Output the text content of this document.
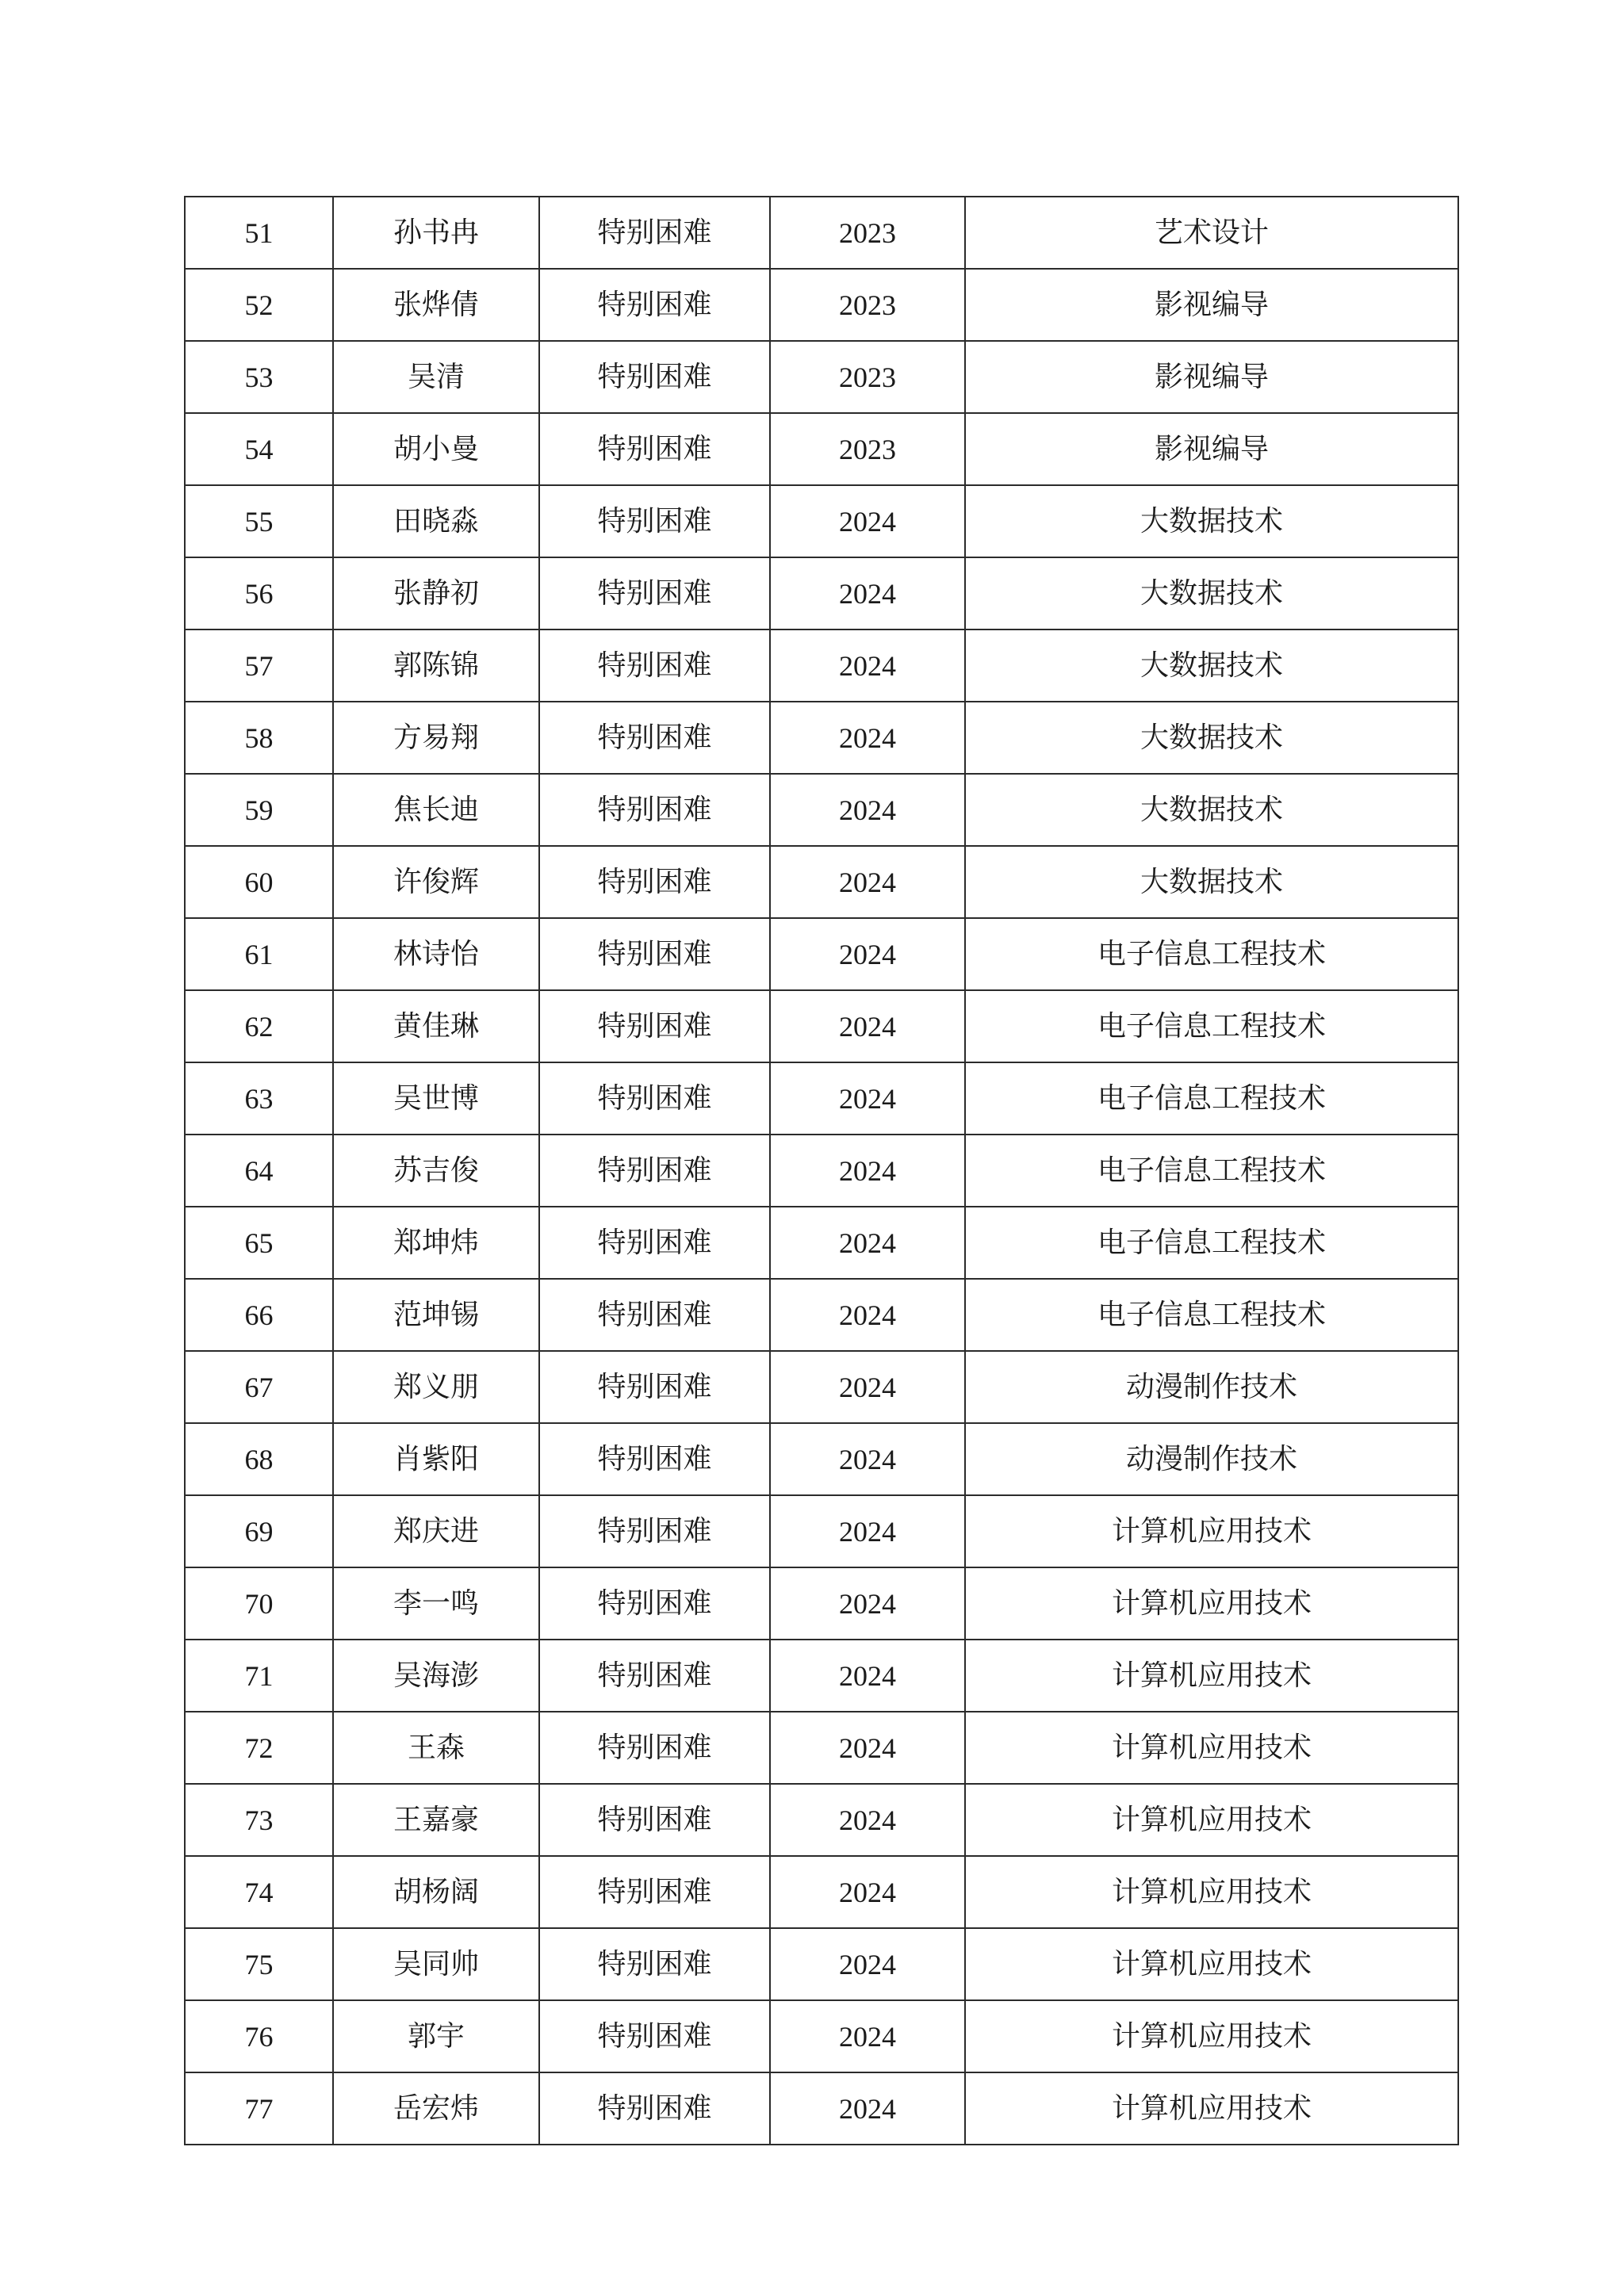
51	孙书冉	特别困难	2023	艺术设计
52	张烨倩	特别困难	2023	影视编导
53	吴清	特别困难	2023	影视编导
54	胡小曼	特别困难	2023	影视编导
55	田晓淼	特别困难	2024	大数据技术
56	张静初	特别困难	2024	大数据技术
57	郭陈锦	特别困难	2024	大数据技术
58	方易翔	特别困难	2024	大数据技术
59	焦长迪	特别困难	2024	大数据技术
60	许俊辉	特别困难	2024	大数据技术
61	林诗怡	特别困难	2024	电子信息工程技术
62	黄佳琳	特别困难	2024	电子信息工程技术
63	吴世博	特别困难	2024	电子信息工程技术
64	苏吉俊	特别困难	2024	电子信息工程技术
65	郑坤炜	特别困难	2024	电子信息工程技术
66	范坤锡	特别困难	2024	电子信息工程技术
67	郑义朋	特别困难	2024	动漫制作技术
68	肖紫阳	特别困难	2024	动漫制作技术
69	郑庆进	特别困难	2024	计算机应用技术
70	李一鸣	特别困难	2024	计算机应用技术
71	吴海澎	特别困难	2024	计算机应用技术
72	王森	特别困难	2024	计算机应用技术
73	王嘉豪	特别困难	2024	计算机应用技术
74	胡杨阔	特别困难	2024	计算机应用技术
75	吴同帅	特别困难	2024	计算机应用技术
76	郭宇	特别困难	2024	计算机应用技术
77	岳宏炜	特别困难	2024	计算机应用技术
